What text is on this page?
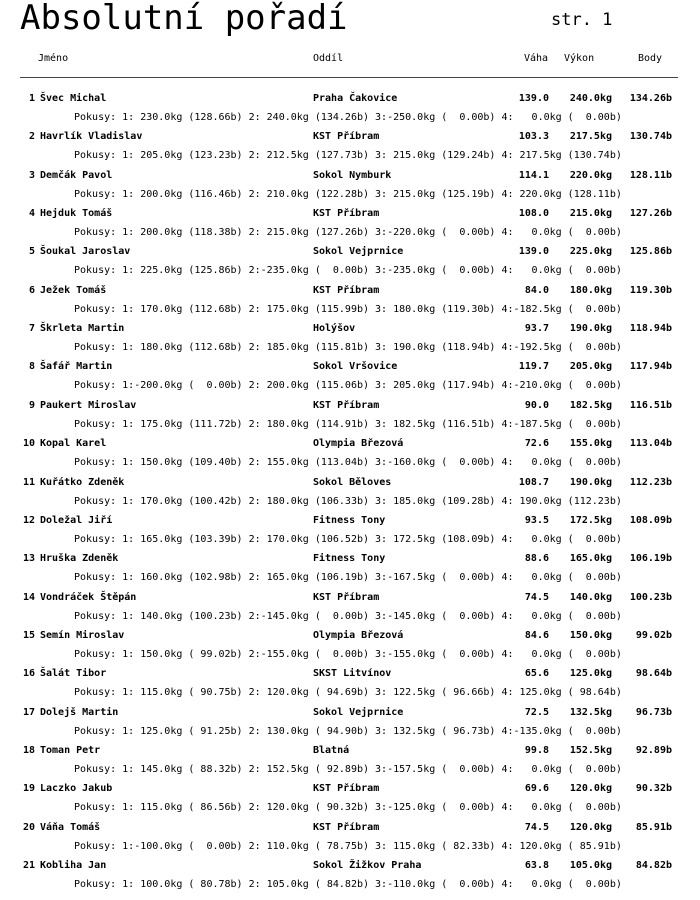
Absolutní pořadí	str. 1
Jméno	Oddíl	Váha Výkon	Body
1 Švec Michal	Praha Čakovice	139.0 240.0kg 134.26b
Pokusy: 1: 230.0kg (128.66b) 2: 240.0kg (134.26b) 3:-250.0kg (  0.00b) 4:   0.0kg (  0.00b)
2 Havrlík Vladislav	KST Příbram	103.3 217.5kg 130.74b
Pokusy: 1: 205.0kg (123.23b) 2: 212.5kg (127.73b) 3: 215.0kg (129.24b) 4: 217.5kg (130.74b)
3 Demčák Pavol	Sokol Nymburk	114.1 220.0kg 128.11b
Pokusy: 1: 200.0kg (116.46b) 2: 210.0kg (122.28b) 3: 215.0kg (125.19b) 4: 220.0kg (128.11b)
4 Hejduk Tomáš	KST Příbram	108.0 215.0kg 127.26b
Pokusy: 1: 200.0kg (118.38b) 2: 215.0kg (127.26b) 3:-220.0kg (  0.00b) 4:   0.0kg (  0.00b)
5 Šoukal Jaroslav	Sokol Vejprnice	139.0 225.0kg 125.86b
Pokusy: 1: 225.0kg (125.86b) 2:-235.0kg (  0.00b) 3:-235.0kg (  0.00b) 4:   0.0kg (  0.00b)
6 Ježek Tomáš	KST Příbram	84.0 180.0kg 119.30b
Pokusy: 1: 170.0kg (112.68b) 2: 175.0kg (115.99b) 3: 180.0kg (119.30b) 4:-182.5kg (  0.00b)
7 Škrleta Martin	Holýšov	93.7 190.0kg 118.94b
Pokusy: 1: 180.0kg (112.68b) 2: 185.0kg (115.81b) 3: 190.0kg (118.94b) 4:-192.5kg (  0.00b)
8 Šafář Martin	Sokol Vršovice	119.7 205.0kg 117.94b
Pokusy: 1:-200.0kg (  0.00b) 2: 200.0kg (115.06b) 3: 205.0kg (117.94b) 4:-210.0kg (  0.00b)
9 Paukert Miroslav	KST Příbram	90.0 182.5kg 116.51b
Pokusy: 1: 175.0kg (111.72b) 2: 180.0kg (114.91b) 3: 182.5kg (116.51b) 4:-187.5kg (  0.00b)
10 Kopal Karel	Olympia Březová	72.6 155.0kg 113.04b
Pokusy: 1: 150.0kg (109.40b) 2: 155.0kg (113.04b) 3:-160.0kg (  0.00b) 4:   0.0kg (  0.00b)
11 Kuřátko Zdeněk	Sokol Běloves	108.7 190.0kg 112.23b
Pokusy: 1: 170.0kg (100.42b) 2: 180.0kg (106.33b) 3: 185.0kg (109.28b) 4: 190.0kg (112.23b)
12 Doležal Jiří	Fitness Tony	93.5 172.5kg 108.09b
Pokusy: 1: 165.0kg (103.39b) 2: 170.0kg (106.52b) 3: 172.5kg (108.09b) 4:   0.0kg (  0.00b)
13 Hruška Zdeněk	Fitness Tony	88.6 165.0kg 106.19b
Pokusy: 1: 160.0kg (102.98b) 2: 165.0kg (106.19b) 3:-167.5kg (  0.00b) 4:   0.0kg (  0.00b)
14 Vondráček Štěpán	KST Příbram	74.5 140.0kg 100.23b
Pokusy: 1: 140.0kg (100.23b) 2:-145.0kg (  0.00b) 3:-145.0kg (  0.00b) 4:   0.0kg (  0.00b)
15 Semín Miroslav	Olympia Březová	84.6 150.0kg 99.02b
Pokusy: 1: 150.0kg ( 99.02b) 2:-155.0kg (  0.00b) 3:-155.0kg (  0.00b) 4:   0.0kg (  0.00b)
16 Šalát Tibor	SKST Litvínov	65.6 125.0kg 98.64b
Pokusy: 1: 115.0kg ( 90.75b) 2: 120.0kg ( 94.69b) 3: 122.5kg ( 96.66b) 4: 125.0kg ( 98.64b)
17 Dolejš Martin	Sokol Vejprnice	72.5 132.5kg 96.73b
Pokusy: 1: 125.0kg ( 91.25b) 2: 130.0kg ( 94.90b) 3: 132.5kg ( 96.73b) 4:-135.0kg (  0.00b)
18 Toman Petr	Blatná	99.8 152.5kg 92.89b
Pokusy: 1: 145.0kg ( 88.32b) 2: 152.5kg ( 92.89b) 3:-157.5kg (  0.00b) 4:   0.0kg (  0.00b)
19 Laczko Jakub	KST Příbram	69.6 120.0kg 90.32b
Pokusy: 1: 115.0kg ( 86.56b) 2: 120.0kg ( 90.32b) 3:-125.0kg (  0.00b) 4:   0.0kg (  0.00b)
20 Váňa Tomáš	KST Příbram	74.5 120.0kg 85.91b
Pokusy: 1:-100.0kg (  0.00b) 2: 110.0kg ( 78.75b) 3: 115.0kg ( 82.33b) 4: 120.0kg ( 85.91b)
21 Kobliha Jan	Sokol Žižkov Praha	63.8 105.0kg 84.82b
Pokusy: 1: 100.0kg ( 80.78b) 2: 105.0kg ( 84.82b) 3:-110.0kg (  0.00b) 4:   0.0kg (  0.00b)
